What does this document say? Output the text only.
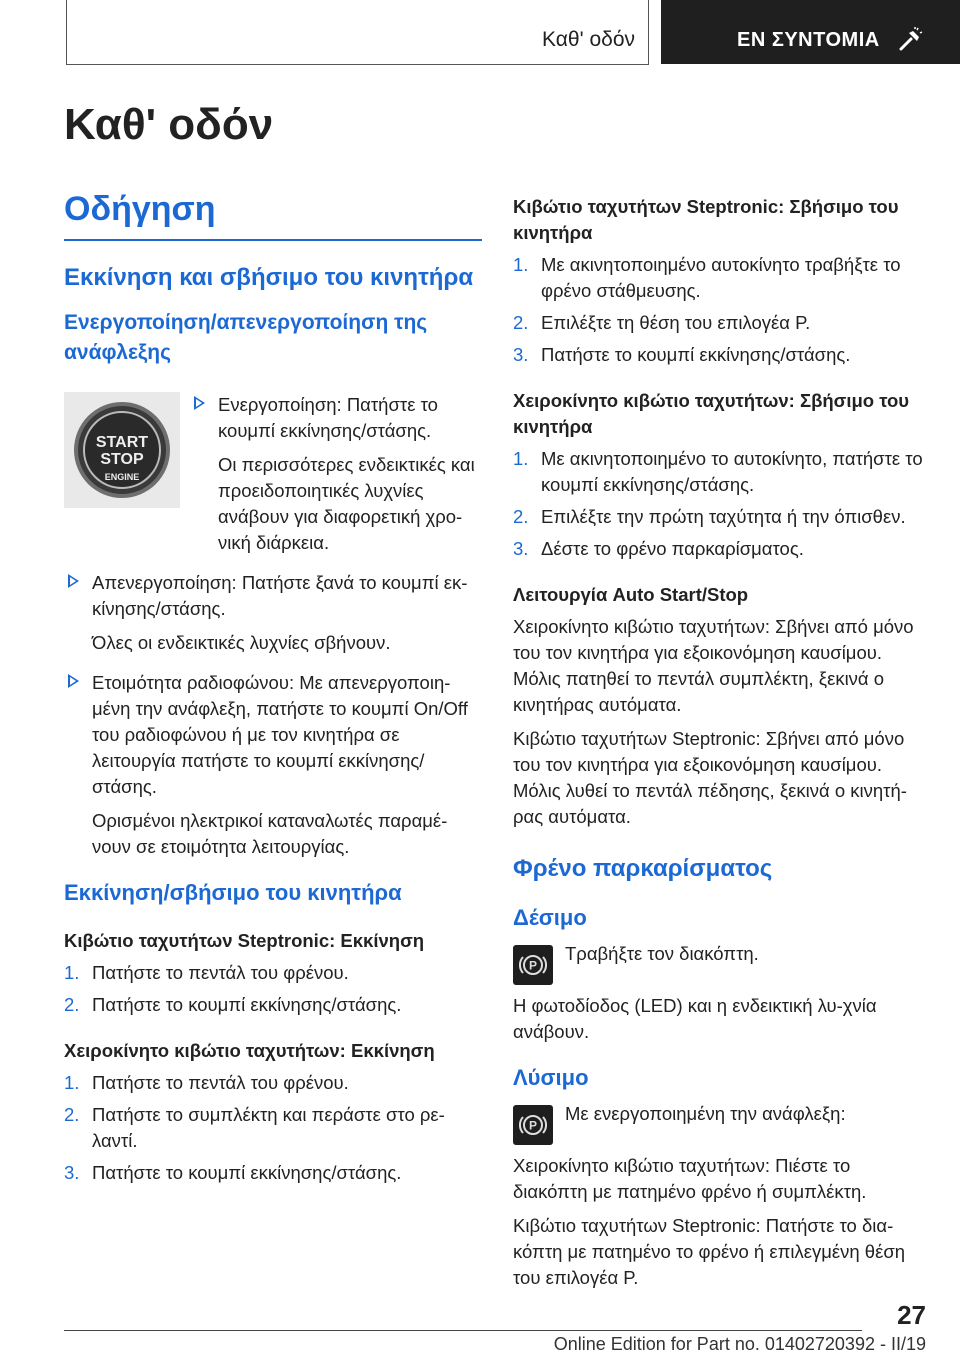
Καθ' οδόν	ΕΝ ΣΥΝΤΟΜΙΑ
Καθ' οδόν
Οδήγηση
Εκκίνηση και σβήσιμο του κινητήρα
Ενεργοποίηση/απενεργοποίηση της ανάφλεξης
START
STOP
ENGINE

Ενεργοποίηση: Πατήστε το κουμπί εκκίνησης/στάσης.

Οι περισσότερες ενδεικτικές και προειδοποιητικές λυχνίες ανάβουν για διαφορετική χρο-νική διάρκεια.

Απενεργοποίηση: Πατήστε ξανά το κουμπί εκ-κίνησης/στάσης.

Όλες οι ενδεικτικές λυχνίες σβήνουν.

Ετοιμότητα ραδιοφώνου: Με απενεργοποιη-μένη την ανάφλεξη, πατήστε το κουμπί On/Off του ραδιοφώνου ή με τον κινητήρα σε λειτουργία πατήστε το κουμπί εκκίνησης/στάσης.

Ορισμένοι ηλεκτρικοί καταναλωτές παραμέ-νουν σε ετοιμότητα λειτουργίας.

Εκκίνηση/σβήσιμο του κινητήρα
Κιβώτιο ταχυτήτων Steptronic: Εκκίνηση
1. Πατήστε το πεντάλ του φρένου.
2. Πατήστε το κουμπί εκκίνησης/στάσης.
Χειροκίνητο κιβώτιο ταχυτήτων: Εκκίνηση
1. Πατήστε το πεντάλ του φρένου.
2. Πατήστε το συμπλέκτη και περάστε στο ρε-λαντί.
3. Πατήστε το κουμπί εκκίνησης/στάσης.
Κιβώτιο ταχυτήτων Steptronic: Σβήσιμο του κινητήρα
1. Με ακινητοποιημένο αυτοκίνητο τραβήξτε το φρένο στάθμευσης.
2. Επιλέξτε τη θέση του επιλογέα P.
3. Πατήστε το κουμπί εκκίνησης/στάσης.
Χειροκίνητο κιβώτιο ταχυτήτων: Σβήσιμο του κινητήρα
1. Με ακινητοποιημένο το αυτοκίνητο, πατήστε το κουμπί εκκίνησης/στάσης.
2. Επιλέξτε την πρώτη ταχύτητα ή την όπισθεν.
3. Δέστε το φρένο παρκαρίσματος.
Λειτουργία Auto Start/Stop

Χειροκίνητο κιβώτιο ταχυτήτων: Σβήνει από μόνο του τον κινητήρα για εξοικονόμηση καυσίμου. Μόλις πατηθεί το πεντάλ συμπλέκτη, ξεκινά ο κινητήρας αυτόματα.

Κιβώτιο ταχυτήτων Steptronic: Σβήνει από μόνο του τον κινητήρα για εξοικονόμηση καυσίμου. Μόλις λυθεί το πεντάλ πέδησης, ξεκινά ο κινητή-ρας αυτόματα.

Φρένο παρκαρίσματος
Δέσιμο
P

Τραβήξτε τον διακόπτη.

Η φωτοδίοδος (LED) και η ενδεικτική λυ-χνία ανάβουν.

Λύσιμο
P

Με ενεργοποιημένη την ανάφλεξη:

Χειροκίνητο κιβώτιο ταχυτήτων: Πιέστε το διακόπτη με πατημένο φρένο ή συμπλέκτη.

Κιβώτιο ταχυτήτων Steptronic: Πατήστε το δια-κόπτη με πατημένο το φρένο ή επιλεγμένη θέση του επιλογέα P.

27
Online Edition for Part no. 01402720392 - II/19
